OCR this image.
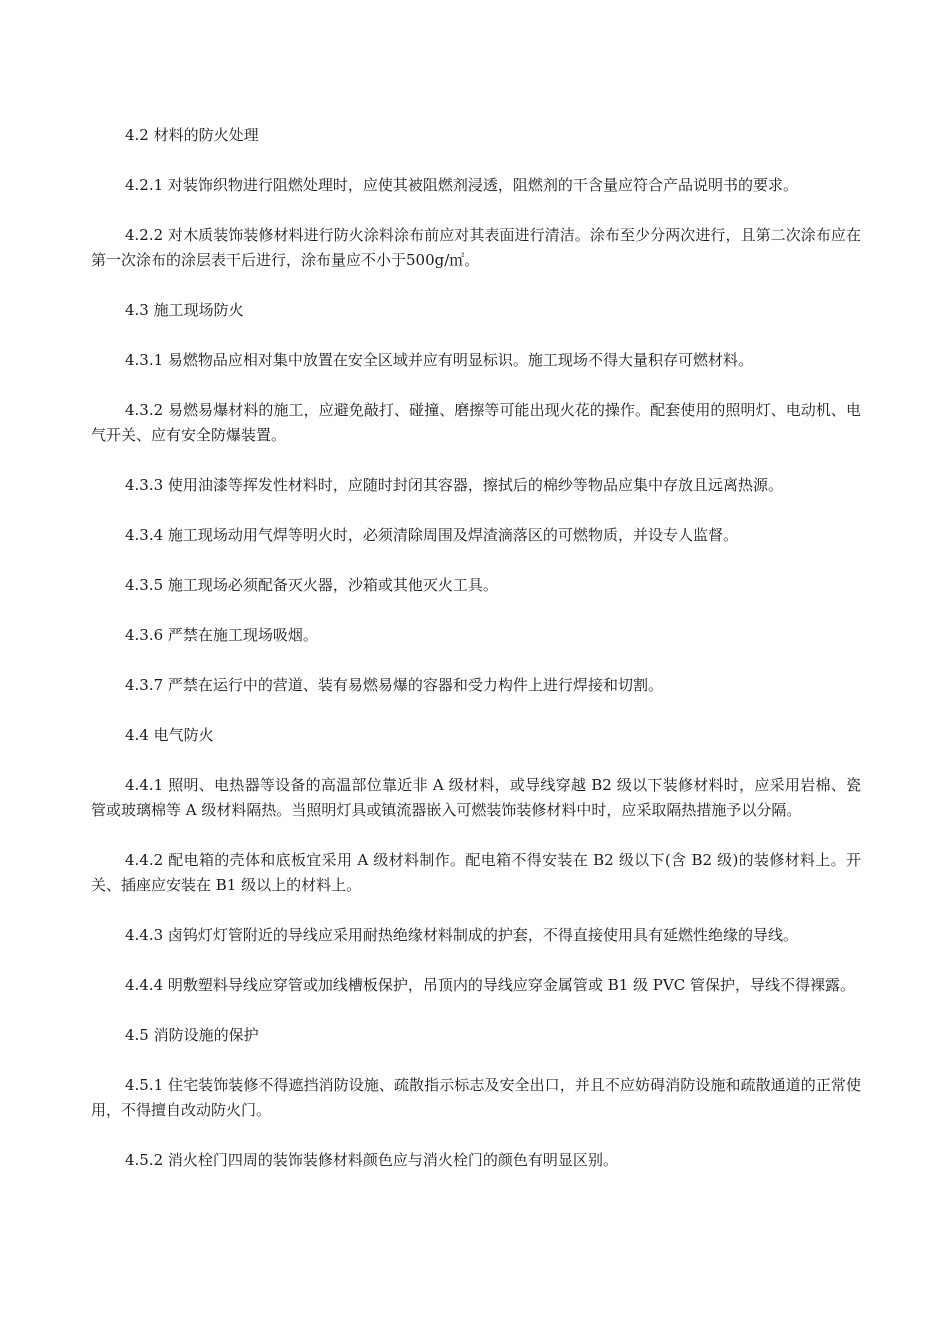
4.2 材料的防火处理

4.2.1 对装饰织物进行阻燃处理时，应使其被阻燃剂浸透，阻燃剂的干含量应符合产品说明书的要求。

4.2.2 对木质装饰装修材料进行防火涂料涂布前应对其表面进行清洁。涂布至少分两次进行，且第二次涂布应在第一次涂布的涂层表干后进行，涂布量应不小于500g/㎡。

4.3 施工现场防火

4.3.1 易燃物品应相对集中放置在安全区域并应有明显标识。施工现场不得大量积存可燃材料。

4.3.2 易燃易爆材料的施工，应避免敲打、碰撞、磨擦等可能出现火花的操作。配套使用的照明灯、电动机、电气开关、应有安全防爆装置。

4.3.3 使用油漆等挥发性材料时，应随时封闭其容器，擦拭后的棉纱等物品应集中存放且远离热源。

4.3.4 施工现场动用气焊等明火时，必须清除周围及焊渣滴落区的可燃物质，并设专人监督。

4.3.5 施工现场必须配备灭火器，沙箱或其他灭火工具。

4.3.6 严禁在施工现场吸烟。

4.3.7 严禁在运行中的营道、装有易燃易爆的容器和受力构件上进行焊接和切割。

4.4 电气防火

4.4.1 照明、电热器等设备的高温部位靠近非 A 级材料，或导线穿越 B2 级以下装修材料时，应采用岩棉、瓷管或玻璃棉等 A 级材料隔热。当照明灯具或镇流器嵌入可燃装饰装修材料中时，应采取隔热措施予以分隔。

4.4.2 配电箱的壳体和底板宜采用 A 级材料制作。配电箱不得安装在 B2 级以下(含 B2 级)的装修材料上。开关、插座应安装在 B1 级以上的材料上。

4.4.3 卤钨灯灯管附近的导线应采用耐热绝缘材料制成的护套，不得直接使用具有延燃性绝缘的导线。

4.4.4 明敷塑料导线应穿管或加线槽板保护，吊顶内的导线应穿金属管或 B1 级 PVC 管保护，导线不得裸露。

4.5 消防设施的保护

4.5.1 住宅装饰装修不得遮挡消防设施、疏散指示标志及安全出口，并且不应妨碍消防设施和疏散通道的正常使用，不得擅自改动防火门。

4.5.2 消火栓门四周的装饰装修材料颜色应与消火栓门的颜色有明显区别。
